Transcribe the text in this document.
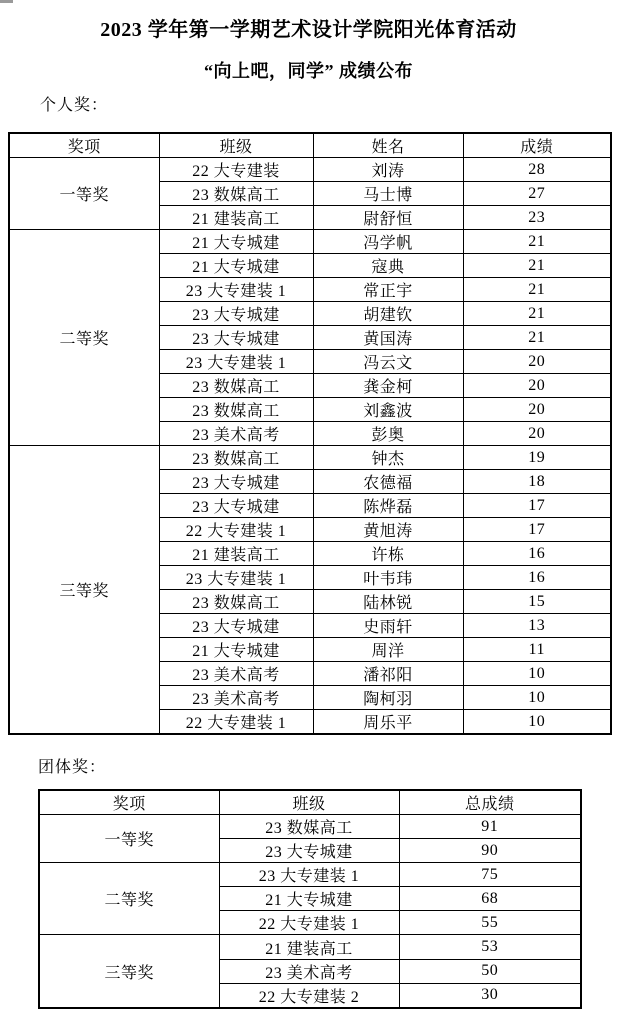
2023 学年第一学期艺术设计学院阳光体育活动
“向上吧，同学” 成绩公布
个人奖：
奖项	班级	姓名	成绩
一等奖	22 大专建装	刘涛	28
	23 数媒高工	马士博	27
	21 建装高工	尉舒恒	23
二等奖	21 大专城建	冯学帆	21
	21 大专城建	寇典	21
	23 大专建装 1	常正宇	21
	23 大专城建	胡建钦	21
	23 大专城建	黄国涛	21
	23 大专建装 1	冯云文	20
	23 数媒高工	龚金柯	20
	23 数媒高工	刘鑫波	20
	23 美术高考	彭奥	20
三等奖	23 数媒高工	钟杰	19
	23 大专城建	农德福	18
	23 大专城建	陈烨磊	17
	22 大专建装 1	黄旭涛	17
	21 建装高工	许栋	16
	23 大专建装 1	叶韦玮	16
	23 数媒高工	陆林锐	15
	23 大专城建	史雨轩	13
	21 大专城建	周洋	11
	23 美术高考	潘祁阳	10
	23 美术高考	陶柯羽	10
	22 大专建装 1	周乐平	10
团体奖：
奖项	班级	总成绩
一等奖	23 数媒高工	91
	23 大专城建	90
二等奖	23 大专建装 1	75
	21 大专城建	68
	22 大专建装 1	55
三等奖	21 建装高工	53
	23 美术高考	50
	22 大专建装 2	30
